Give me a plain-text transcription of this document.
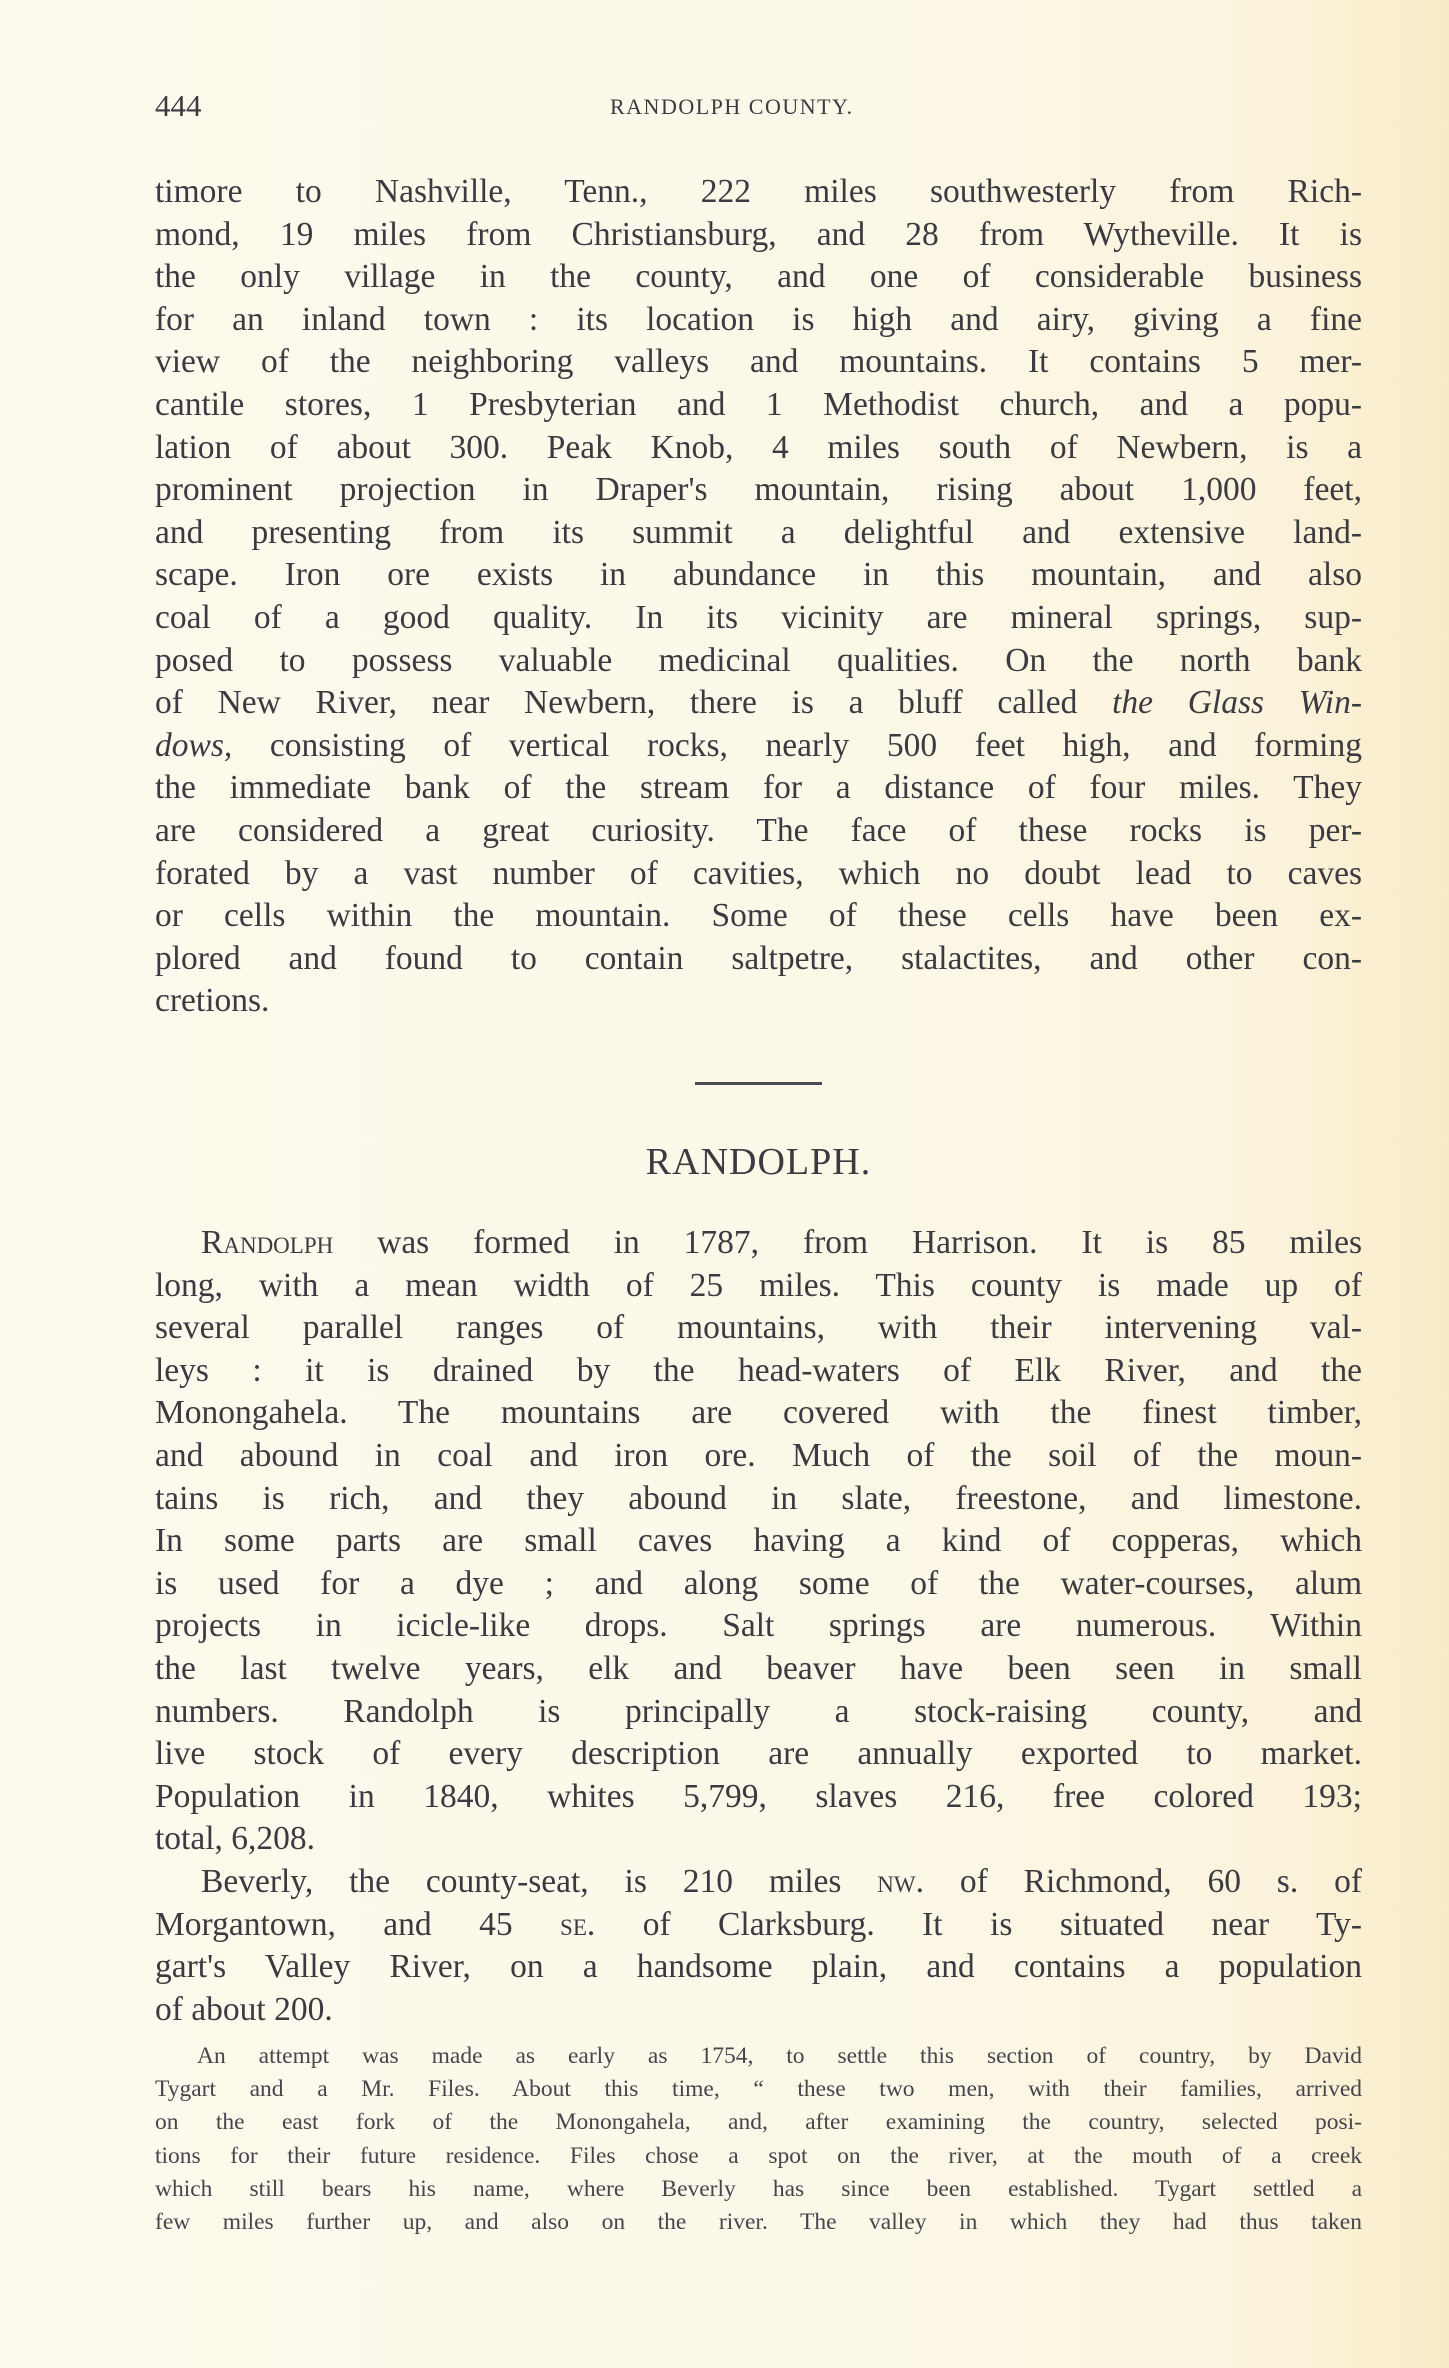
444	RANDOLPH COUNTY.
timore to Nashville, Tenn., 222 miles southwesterly from Rich-
mond, 19 miles from Christiansburg, and 28 from Wytheville. It is
the only village in the county, and one of considerable business
for an inland town : its location is high and airy, giving a fine
view of the neighboring valleys and mountains. It contains 5 mer-
cantile stores, 1 Presbyterian and 1 Methodist church, and a popu-
lation of about 300. Peak Knob, 4 miles south of Newbern, is a
prominent projection in Draper's mountain, rising about 1,000 feet,
and presenting from its summit a delightful and extensive land-
scape. Iron ore exists in abundance in this mountain, and also
coal of a good quality. In its vicinity are mineral springs, sup-
posed to possess valuable medicinal qualities. On the north bank
of New River, near Newbern, there is a bluff called the Glass Win-
dows, consisting of vertical rocks, nearly 500 feet high, and forming
the immediate bank of the stream for a distance of four miles. They
are considered a great curiosity. The face of these rocks is per-
forated by a vast number of cavities, which no doubt lead to caves
or cells within the mountain. Some of these cells have been ex-
plored and found to contain saltpetre, stalactites, and other con-
cretions.
RANDOLPH.
Randolph was formed in 1787, from Harrison. It is 85 miles
long, with a mean width of 25 miles. This county is made up of
several parallel ranges of mountains, with their intervening val-
leys : it is drained by the head-waters of Elk River, and the
Monongahela. The mountains are covered with the finest timber,
and abound in coal and iron ore. Much of the soil of the moun-
tains is rich, and they abound in slate, freestone, and limestone.
In some parts are small caves having a kind of copperas, which
is used for a dye ; and along some of the water-courses, alum
projects in icicle-like drops. Salt springs are numerous. Within
the last twelve years, elk and beaver have been seen in small
numbers. Randolph is principally a stock-raising county, and
live stock of every description are annually exported to market.
Population in 1840, whites 5,799, slaves 216, free colored 193;
total, 6,208.
Beverly, the county-seat, is 210 miles nw. of Richmond, 60 s. of
Morgantown, and 45 se. of Clarksburg. It is situated near Ty-
gart's Valley River, on a handsome plain, and contains a population
of about 200.
An attempt was made as early as 1754, to settle this section of country, by David
Tygart and a Mr. Files. About this time, “ these two men, with their families, arrived
on the east fork of the Monongahela, and, after examining the country, selected posi-
tions for their future residence. Files chose a spot on the river, at the mouth of a creek
which still bears his name, where Beverly has since been established. Tygart settled a
few miles further up, and also on the river. The valley in which they had thus taken
